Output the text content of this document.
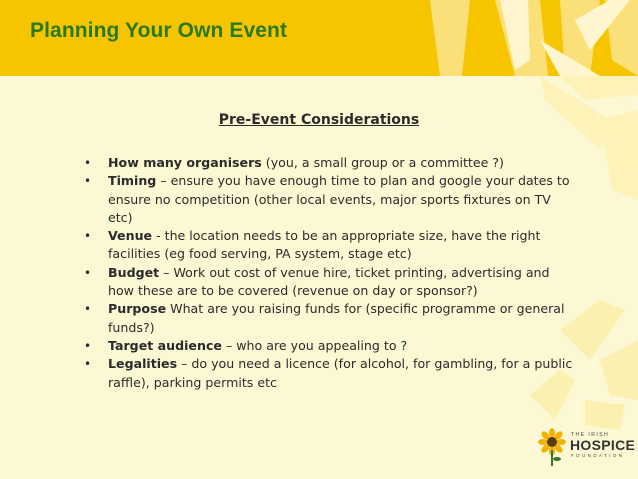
Planning Your Own Event
Pre-Event Considerations
• How many organisers (you, a small group or a committee ?)
• Timing – ensure you have enough time to plan and google your dates to ensure no competition (other local events, major sports fixtures on TV etc)
• Venue - the location needs to be an appropriate size, have the right facilities (eg food serving, PA system, stage etc)
• Budget – Work out cost of venue hire, ticket printing, advertising and how these are to be covered (revenue on day or sponsor?)
• Purpose What are you raising funds for (specific programme or general funds?)
• Target audience – who are you appealing to ?
• Legalities – do you need a licence (for alcohol, for gambling, for a public raffle), parking permits etc
THE IRISH
HOSPICE
FOUNDATION
